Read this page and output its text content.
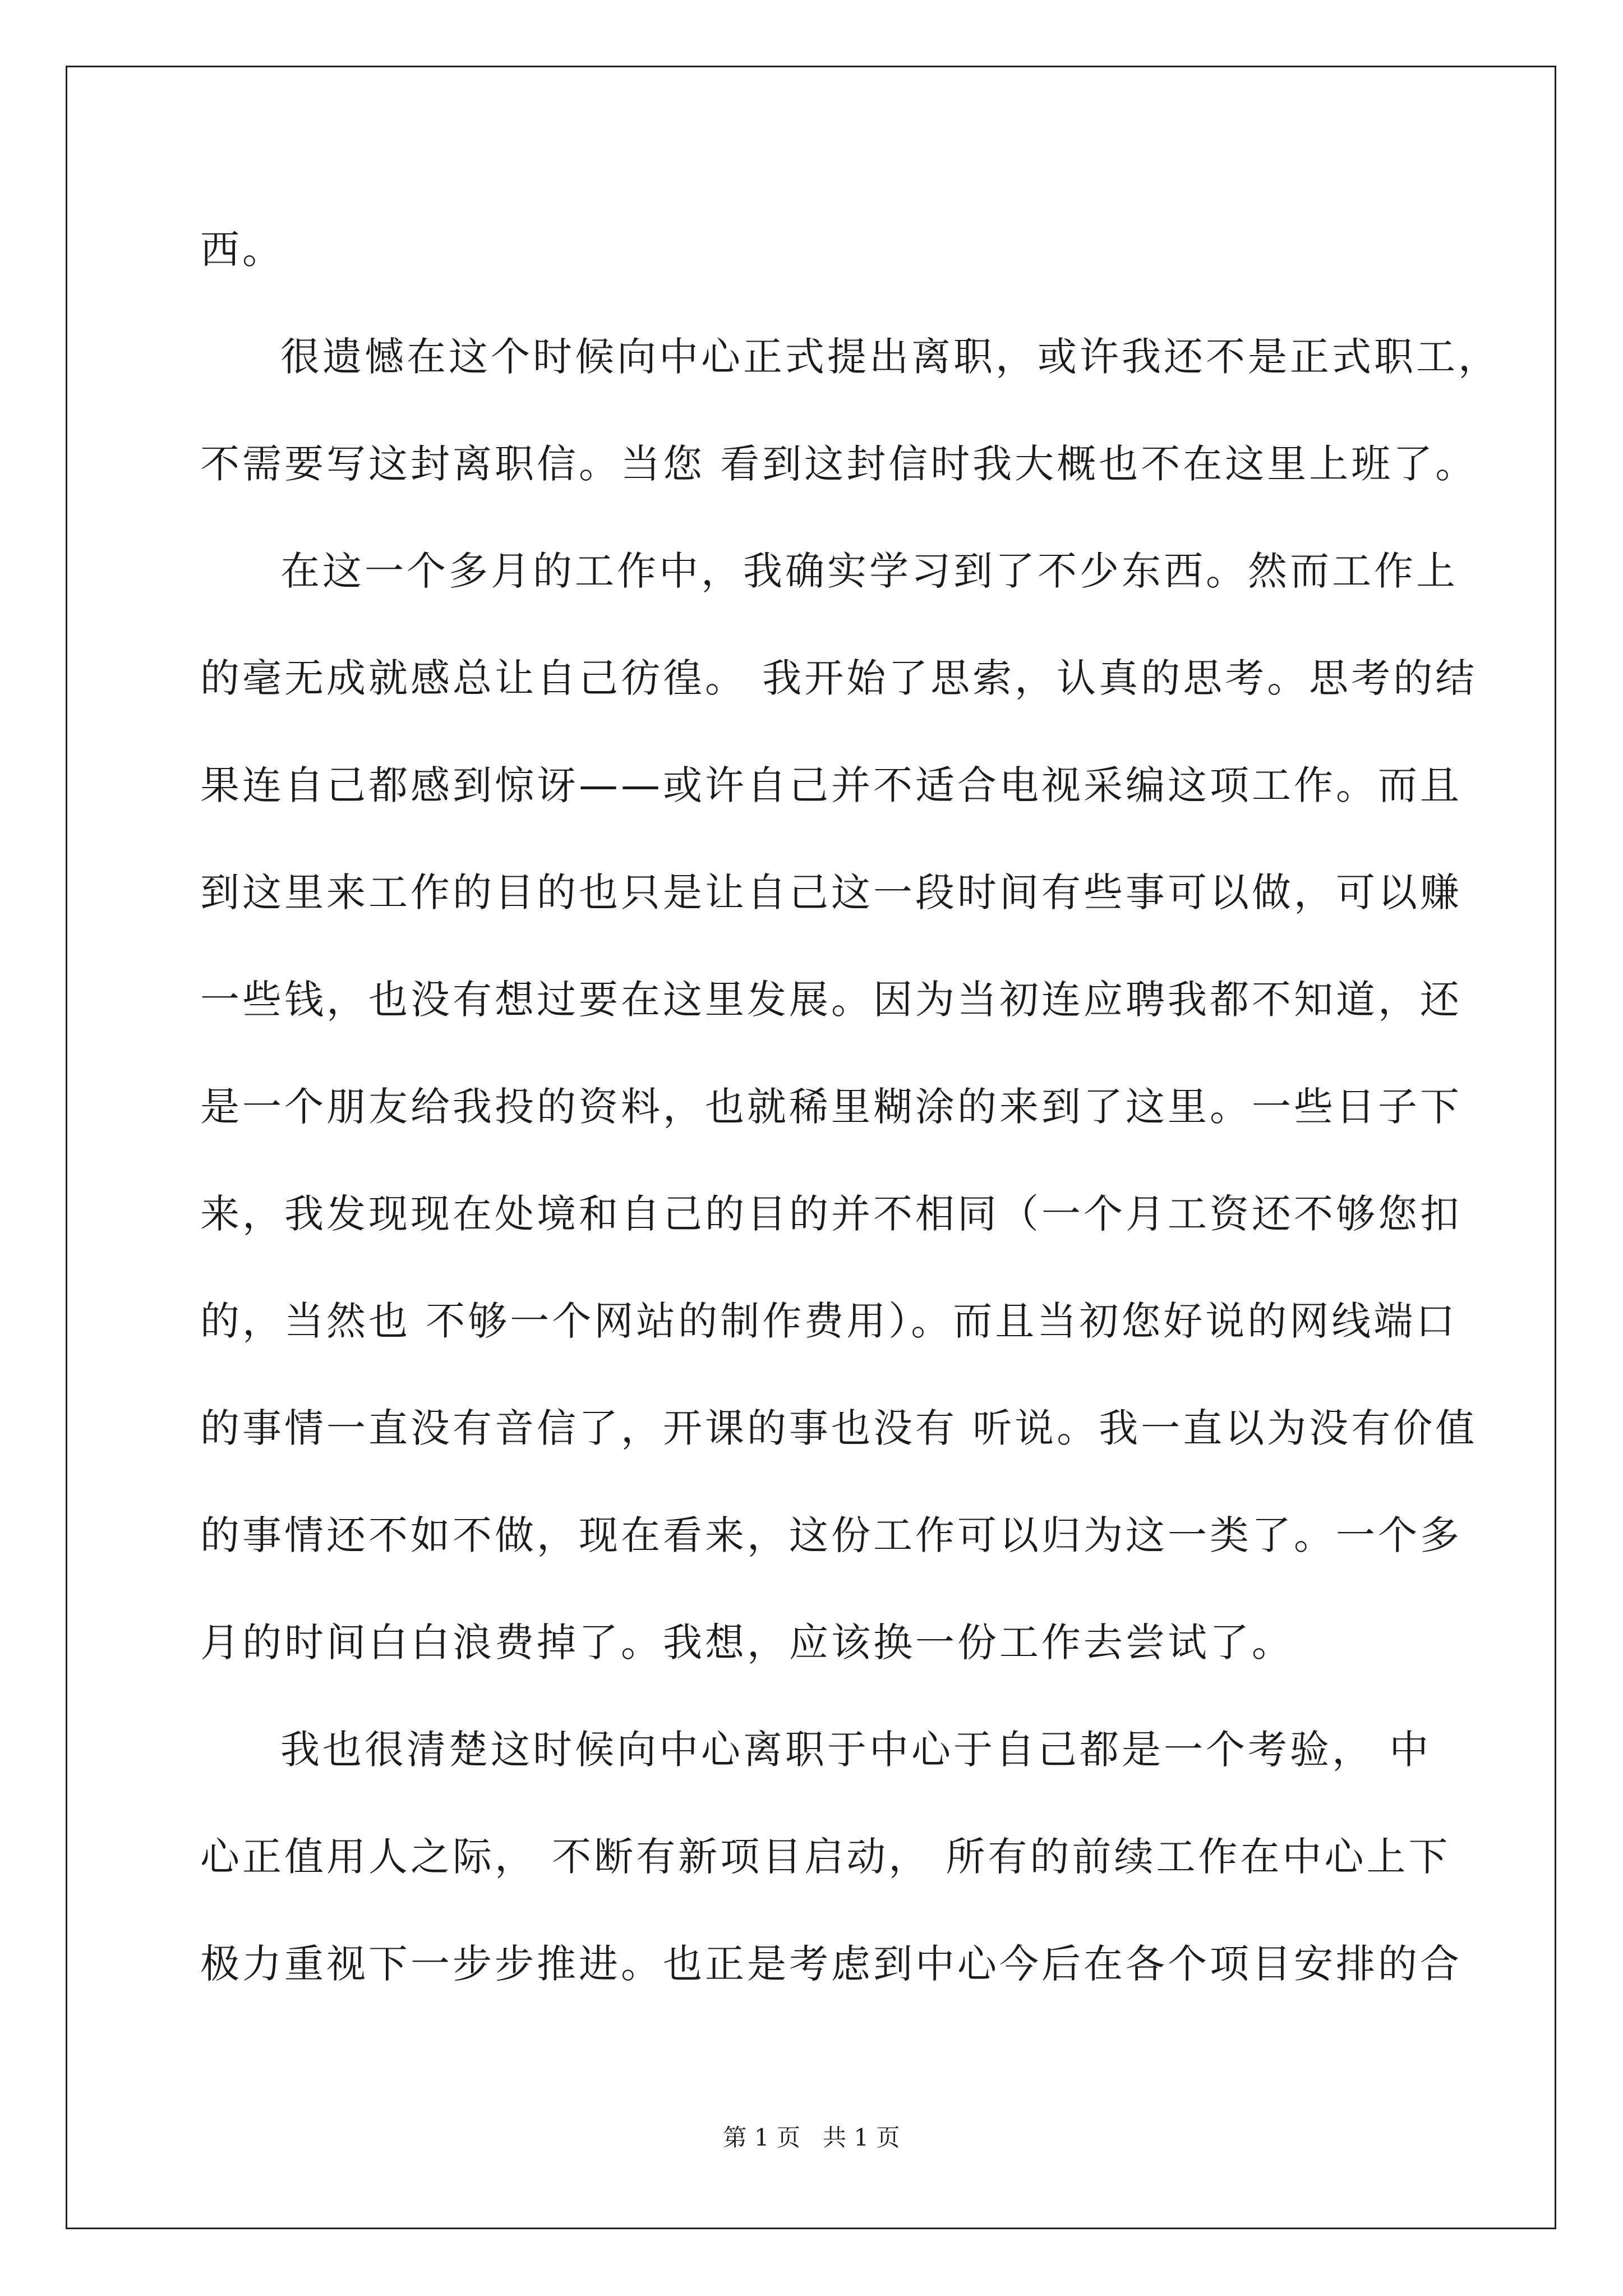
西。
很遗憾在这个时候向中心正式提出离职，或许我还不是正式职工，
不需要写这封离职信。当您 看到这封信时我大概也不在这里上班了。
在这一个多月的工作中，我确实学习到了不少东西。然而工作上
的毫无成就感总让自己彷徨。 我开始了思索，认真的思考。思考的结
果连自己都感到惊讶——或许自己并不适合电视采编这项工作。而且
到这里来工作的目的也只是让自己这一段时间有些事可以做，可以赚
一些钱，也没有想过要在这里发展。因为当初连应聘我都不知道，还
是一个朋友给我投的资料，也就稀里糊涂的来到了这里。一些日子下
来，我发现现在处境和自己的目的并不相同（一个月工资还不够您扣
的，当然也 不够一个网站的制作费用）。而且当初您好说的网线端口
的事情一直没有音信了，开课的事也没有 听说。我一直以为没有价值
的事情还不如不做，现在看来，这份工作可以归为这一类了。一个多
月的时间白白浪费掉了。我想，应该换一份工作去尝试了。
我也很清楚这时候向中心离职于中心于自己都是一个考验， 中
心正值用人之际， 不断有新项目启动， 所有的前续工作在中心上下
极力重视下一步步推进。也正是考虑到中心今后在各个项目安排的合
第 1 页   共 1 页
